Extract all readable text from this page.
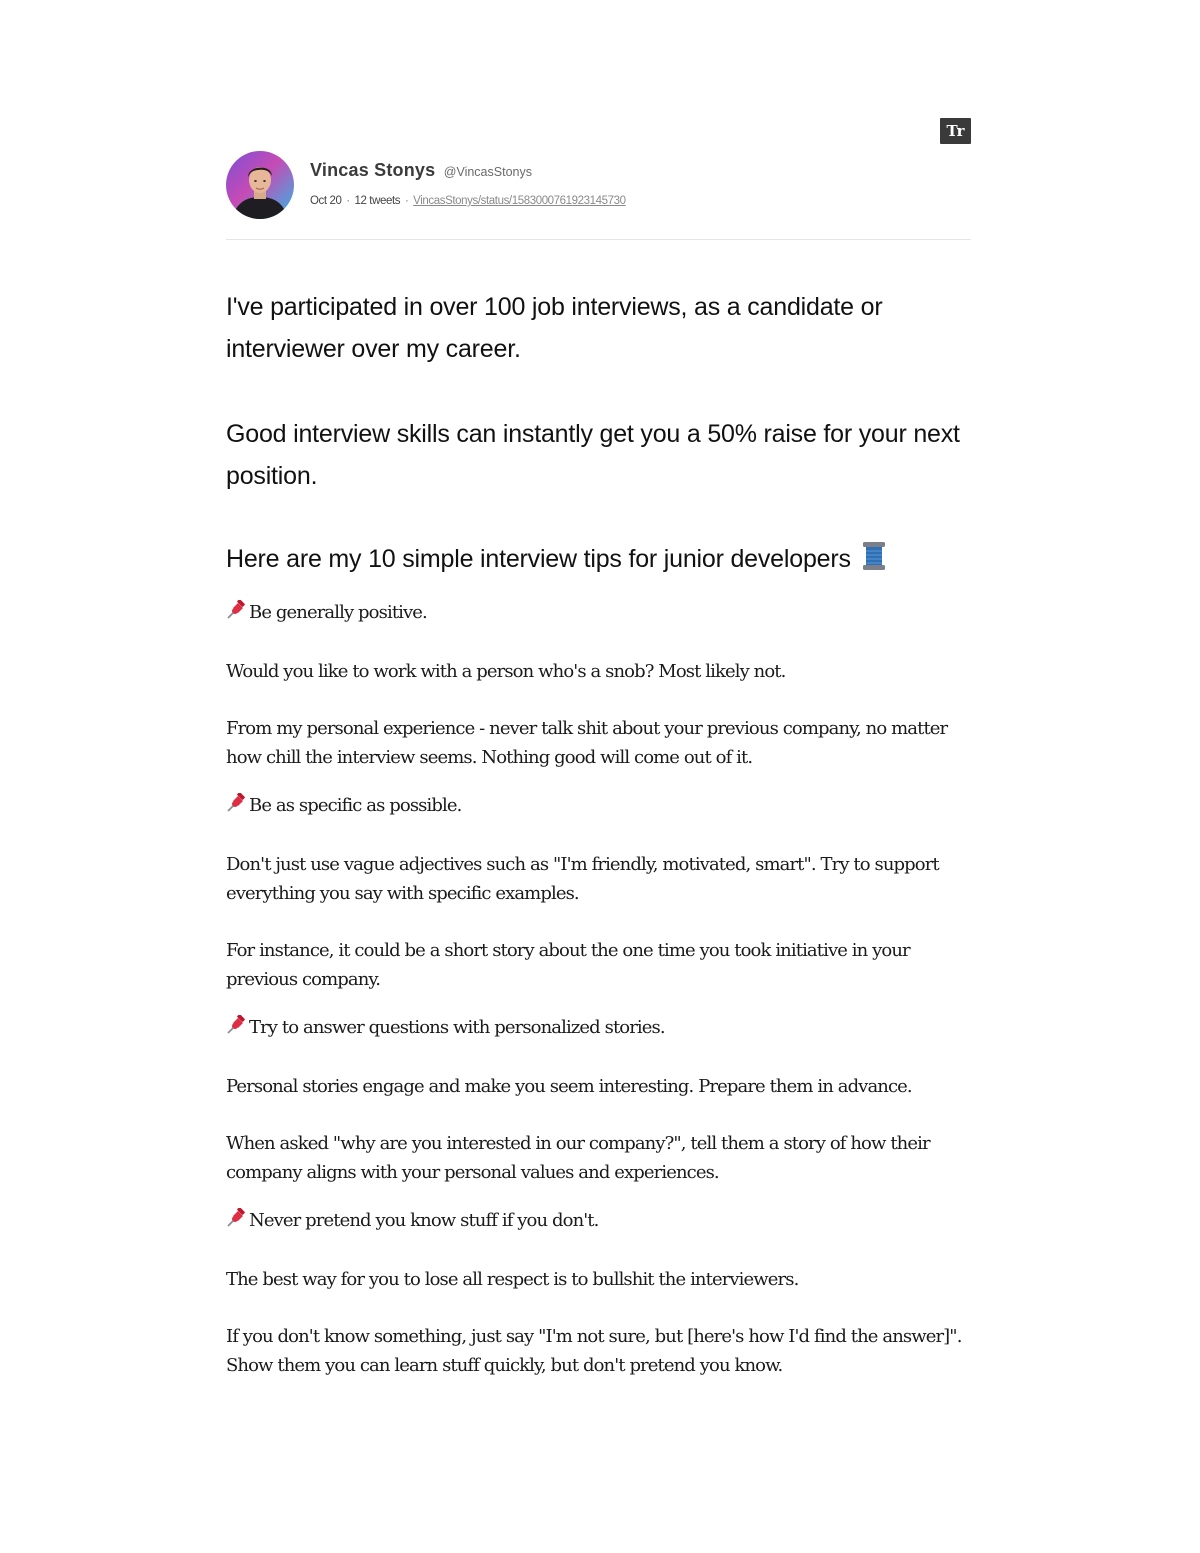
Tr
Vincas Stonys @VincasStonys
Oct 20 · 12 tweets · VincasStonys/status/1583000761923145730

I've participated in over 100 job interviews, as a candidate or interviewer over my career.

Good interview skills can instantly get you a 50% raise for your next position.

Here are my 10 simple interview tips for junior developers

Be generally positive.

Would you like to work with a person who's a snob? Most likely not.

From my personal experience - never talk shit about your previous company, no matter how chill the interview seems. Nothing good will come out of it.

Be as specific as possible.

Don't just use vague adjectives such as "I'm friendly, motivated, smart". Try to support everything you say with specific examples.

For instance, it could be a short story about the one time you took initiative in your previous company.

Try to answer questions with personalized stories.

Personal stories engage and make you seem interesting. Prepare them in advance.

When asked "why are you interested in our company?", tell them a story of how their company aligns with your personal values and experiences.

Never pretend you know stuff if you don't.

The best way for you to lose all respect is to bullshit the interviewers.

If you don't know something, just say "I'm not sure, but [here's how I'd find the answer]". Show them you can learn stuff quickly, but don't pretend you know.
